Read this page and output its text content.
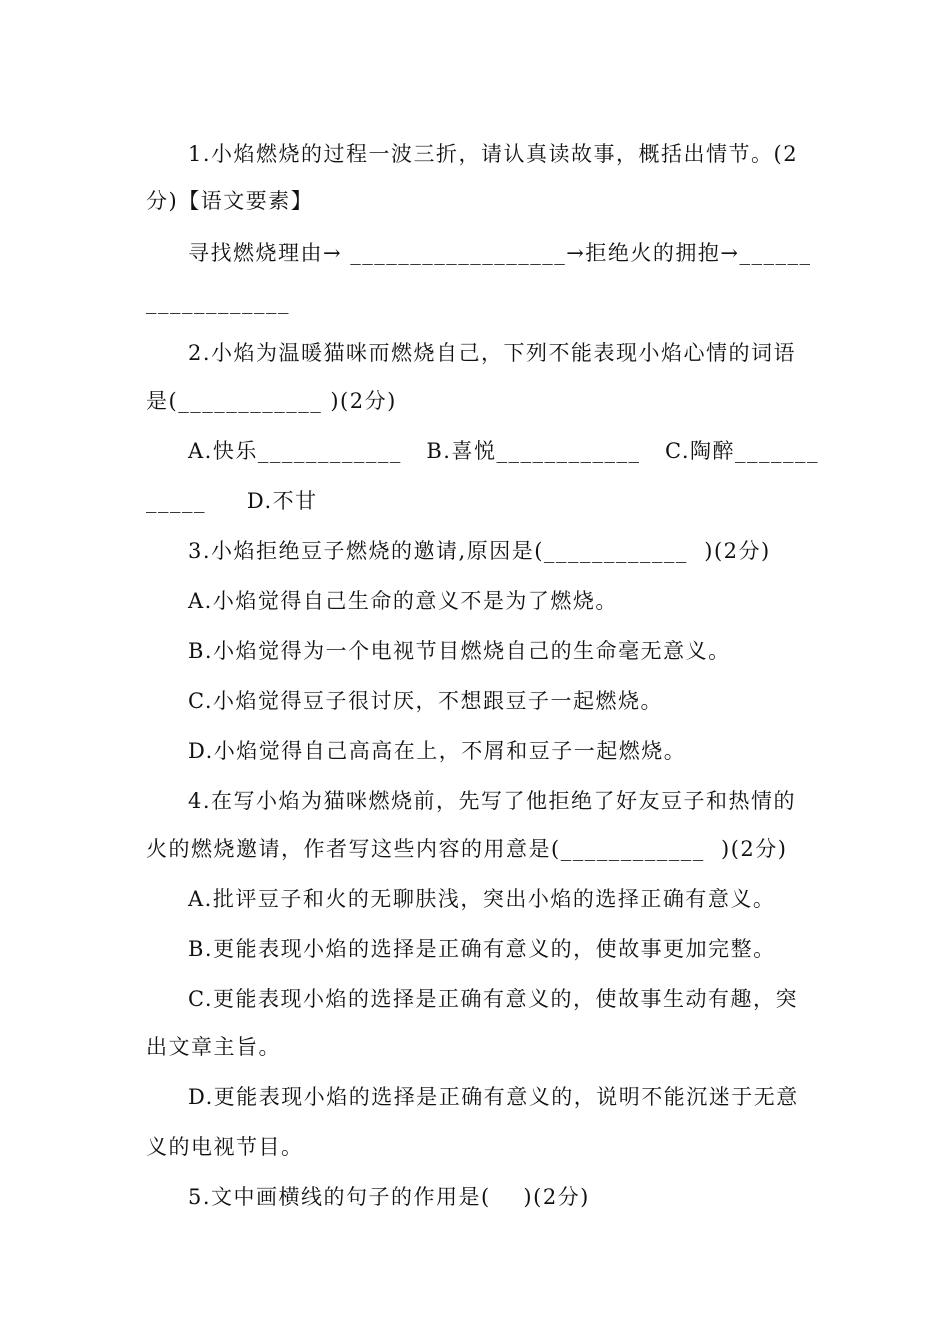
1.小焰燃烧的过程一波三折，请认真读故事，概括出情节。(2
分)【语文要素】
寻找燃烧理由→ __________________→拒绝火的拥抱→______
____________
2.小焰为温暖猫咪而燃烧自己，下列不能表现小焰心情的词语
是(____________ )(2分)
A.快乐____________   B.喜悦____________   C.陶醉_______
_____     D.不甘
3.小焰拒绝豆子燃烧的邀请,原因是(____________  )(2分)
A.小焰觉得自己生命的意义不是为了燃烧。
B.小焰觉得为一个电视节目燃烧自己的生命毫无意义。
C.小焰觉得豆子很讨厌，不想跟豆子一起燃烧。
D.小焰觉得自己高高在上，不屑和豆子一起燃烧。
4.在写小焰为猫咪燃烧前，先写了他拒绝了好友豆子和热情的
火的燃烧邀请，作者写这些内容的用意是(____________  )(2分)
A.批评豆子和火的无聊肤浅，突出小焰的选择正确有意义。
B.更能表现小焰的选择是正确有意义的，使故事更加完整。
C.更能表现小焰的选择是正确有意义的，使故事生动有趣，突
出文章主旨。
D.更能表现小焰的选择是正确有意义的，说明不能沉迷于无意
义的电视节目。
5.文中画横线的句子的作用是(    )(2分)
